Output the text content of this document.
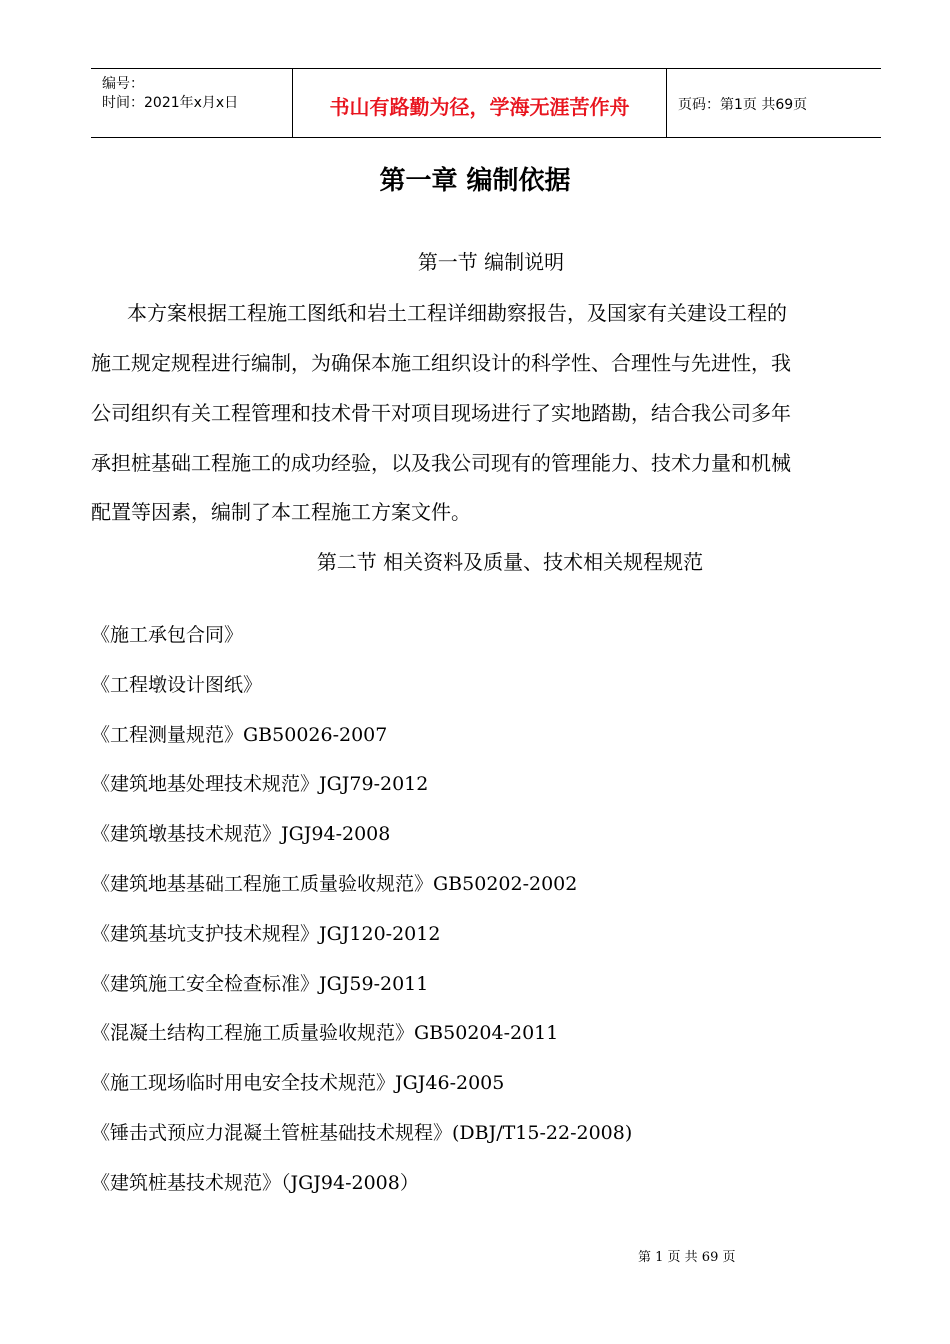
编号：
时间：2021年x月x日	书山有路勤为径，学海无涯苦作舟	页码：第1页 共69页
第一章 编制依据
第一节 编制说明
本方案根据工程施工图纸和岩土工程详细勘察报告，及国家有关建设工程的
施工规定规程进行编制，为确保本施工组织设计的科学性、合理性与先进性，我
公司组织有关工程管理和技术骨干对项目现场进行了实地踏勘，结合我公司多年
承担桩基础工程施工的成功经验，以及我公司现有的管理能力、技术力量和机械
配置等因素，编制了本工程施工方案文件。
第二节 相关资料及质量、技术相关规程规范
《施工承包合同》
《工程墩设计图纸》
《工程测量规范》GB50026-2007
《建筑地基处理技术规范》JGJ79-2012
《建筑墩基技术规范》JGJ94-2008
《建筑地基基础工程施工质量验收规范》GB50202-2002
《建筑基坑支护技术规程》JGJ120-2012
《建筑施工安全检查标准》JGJ59-2011
《混凝土结构工程施工质量验收规范》GB50204-2011
《施工现场临时用电安全技术规范》JGJ46-2005
《锤击式预应力混凝土管桩基础技术规程》(DBJ/T15-22-2008)
《建筑桩基技术规范》（JGJ94-2008）
第 1 页 共 69 页
